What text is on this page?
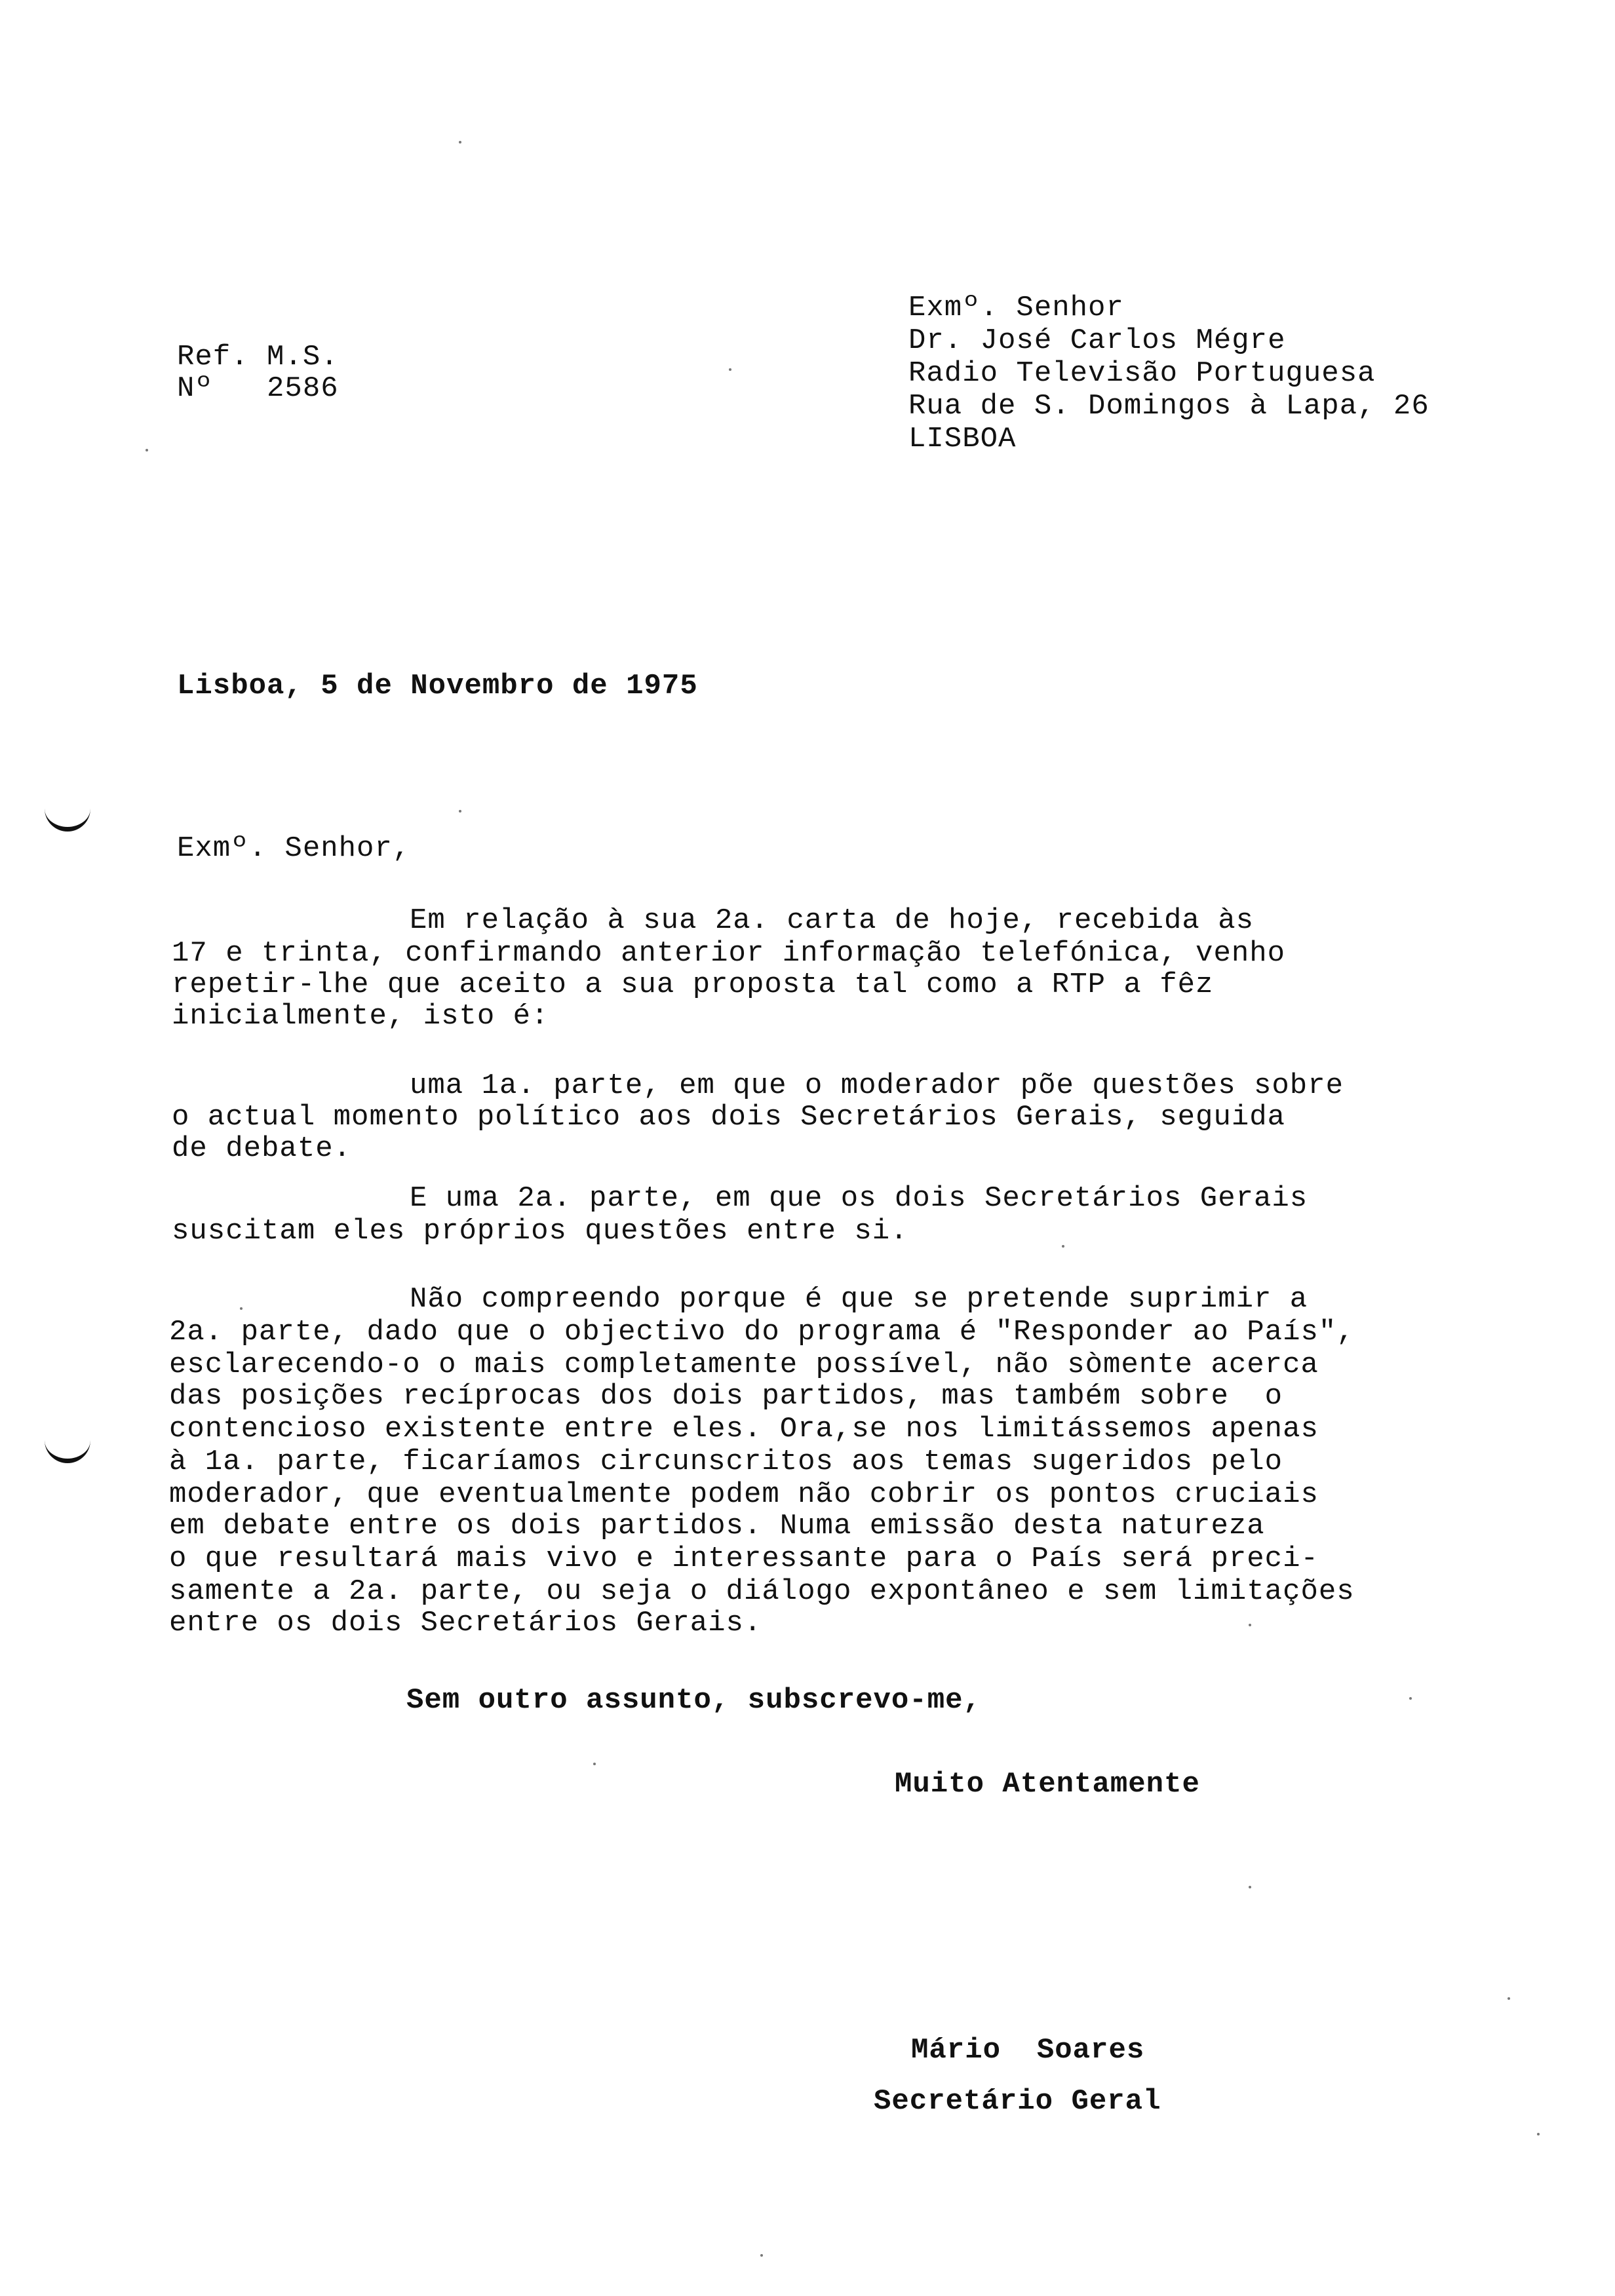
Ref. M.S.
Nº   2586
Exmº. Senhor
Dr. José Carlos Mégre
Radio Televisão Portuguesa
Rua de S. Domingos à Lapa, 26
LISBOA
Lisboa, 5 de Novembro de 1975
Exmº. Senhor,
Em relação à sua 2a. carta de hoje, recebida às
17 e trinta, confirmando anterior informação telefónica, venho
repetir-lhe que aceito a sua proposta tal como a RTP a fêz
inicialmente, isto é:
uma 1a. parte, em que o moderador põe questões sobre
o actual momento político aos dois Secretários Gerais, seguida
de debate.
E uma 2a. parte, em que os dois Secretários Gerais
suscitam eles próprios questões entre si.
Não compreendo porque é que se pretende suprimir a
2a. parte, dado que o objectivo do programa é "Responder ao País",
esclarecendo-o o mais completamente possível, não sòmente acerca
das posições recíprocas dos dois partidos, mas também sobre  o
contencioso existente entre eles. Ora,se nos limitássemos apenas
à 1a. parte, ficaríamos circunscritos aos temas sugeridos pelo
moderador, que eventualmente podem não cobrir os pontos cruciais
em debate entre os dois partidos. Numa emissão desta natureza
o que resultará mais vivo e interessante para o País será preci-
samente a 2a. parte, ou seja o diálogo expontâneo e sem limitações
entre os dois Secretários Gerais.
Sem outro assunto, subscrevo-me,
Muito Atentamente
Mário  Soares
Secretário Geral
